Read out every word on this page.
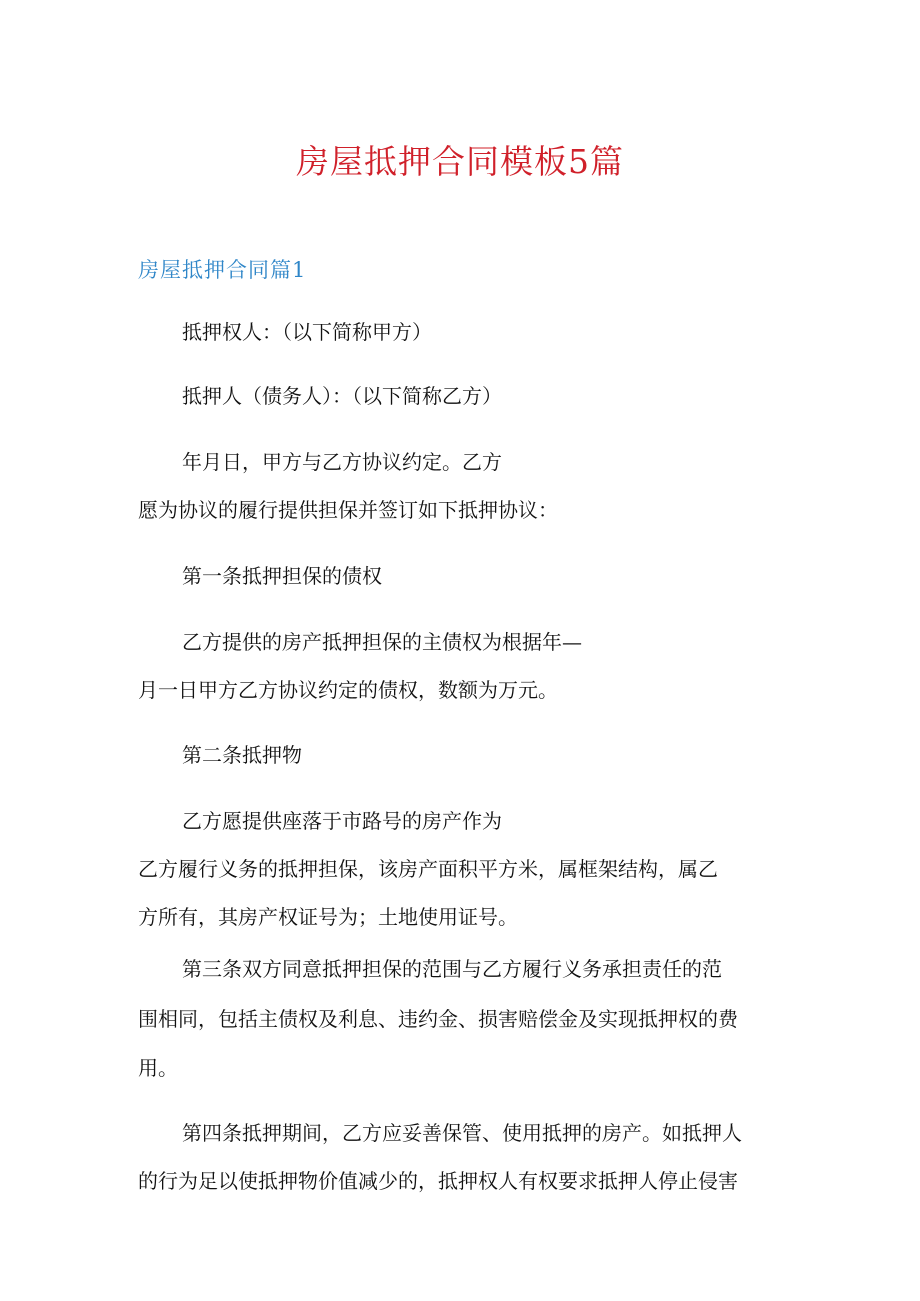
房屋抵押合同模板5篇
房屋抵押合同篇1

抵押权人：（以下简称甲方）

抵押人（债务人）：（以下简称乙方）

年月日，甲方与乙方协议约定。乙方

愿为协议的履行提供担保并签订如下抵押协议：

第一条抵押担保的债权

乙方提供的房产抵押担保的主债权为根据年—

月一日甲方乙方协议约定的债权，数额为万元。

第二条抵押物

乙方愿提供座落于市路号的房产作为

乙方履行义务的抵押担保，该房产面积平方米，属框架结构，属乙

方所有，其房产权证号为；土地使用证号。

第三条双方同意抵押担保的范围与乙方履行义务承担责任的范

围相同，包括主债权及利息、违约金、损害赔偿金及实现抵押权的费

用。

第四条抵押期间，乙方应妥善保管、使用抵押的房产。如抵押人

的行为足以使抵押物价值减少的，抵押权人有权要求抵押人停止侵害
